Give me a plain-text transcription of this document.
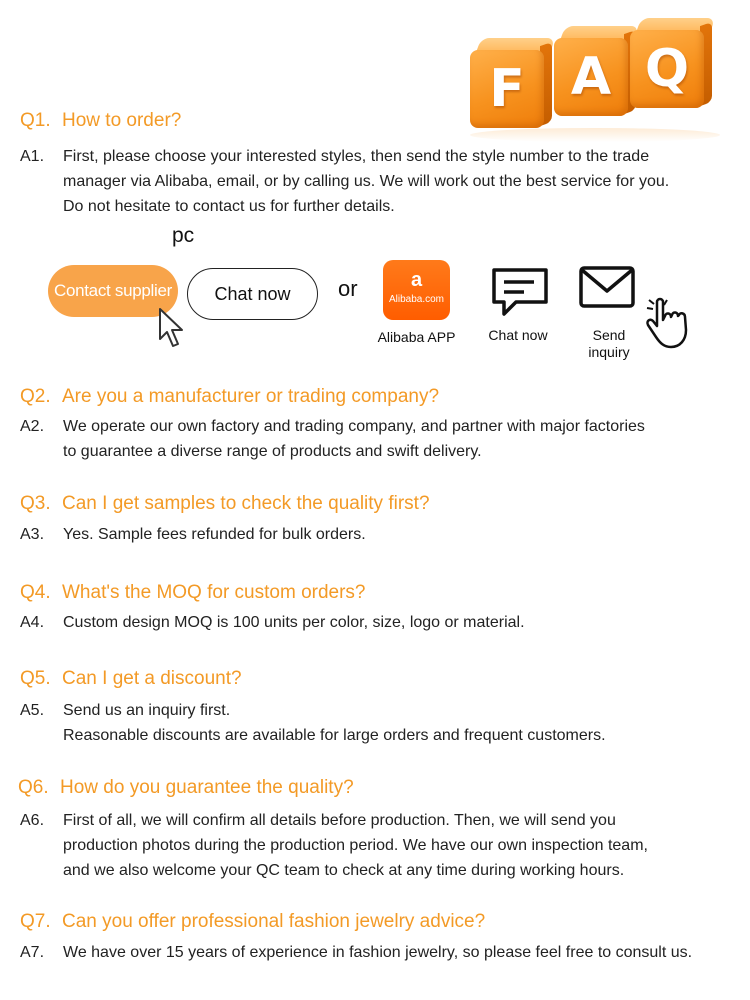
F A Q
Q1. How to order?
A1.	First, please choose your interested styles, then send the style number to the trade
manager via Alibaba, email, or by calling us. We will work out the best service for you.
Do not hesitate to contact us for further details.
pc
Contact supplier	Chat now	or	a
Alibaba.com
Alibaba APP	Chat now	Send
inquiry
Q2. Are you a manufacturer or trading company?
A2.	We operate our own factory and trading company, and partner with major factories
to guarantee a diverse range of products and swift delivery.
Q3. Can I get samples to check the quality first?
A3.	Yes. Sample fees refunded for bulk orders.
Q4. What's the MOQ for custom orders?
A4.	Custom design MOQ is 100 units per color, size, logo or material.
Q5. Can I get a discount?
A5.	Send us an inquiry first.
Reasonable discounts are available for large orders and frequent customers.
Q6. How do you guarantee the quality?
A6.	First of all, we will confirm all details before production. Then, we will send you
production photos during the production period. We have our own inspection team,
and we also welcome your QC team to check at any time during working hours.
Q7. Can you offer professional fashion jewelry advice?
A7.	We have over 15 years of experience in fashion jewelry, so please feel free to consult us.
